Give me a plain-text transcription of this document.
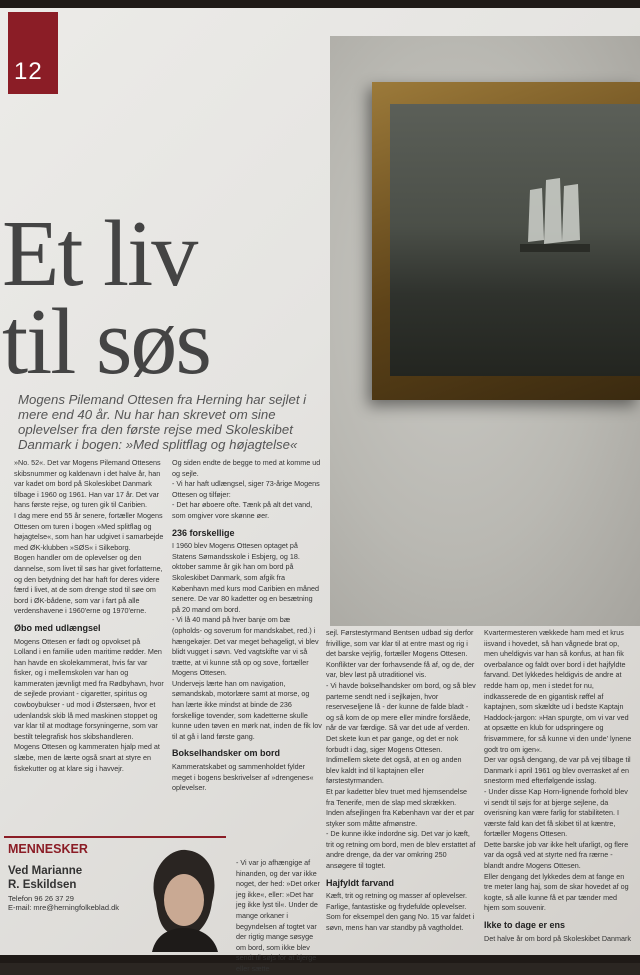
12
Et liv
til søs
Mogens Pilemand Ottesen fra Herning har sejlet i mere end 40 år. Nu har han skrevet om sine oplevelser fra den første rejse med Skoleskibet Danmark i bogen: »Med splitflag og højagtelse«

»No. 52«. Det var Mogens Pilemand Ottesens skibsnummer og kaldenavn i det halve år, han var kadet om bord på Skoleskibet Danmark tilbage i 1960 og 1961. Han var 17 år. Det var hans første rejse, og turen gik til Caribien.

I dag mere end 55 år senere, fortæller Mogens Ottesen om turen i bogen »Med splitflag og højagtelse«, som han har udgivet i samarbejde med ØK-klubben »SØS« i Silkeborg.

Bogen handler om de oplevelser og den dannelse, som livet til søs har givet forfatterne, og den betydning det har haft for deres videre færd i livet, at de som drenge stod til søe om bord i ØK-bådene, som var i fart på alle verdenshavene i 1960'erne og 1970'erne.

Øbo med udlængsel

Mogens Ottesen er født og opvokset på Lolland i en familie uden maritime rødder. Men han havde en skolekammerat, hvis far var fisker, og i mellemskolen var han og kammeraten jævnligt med fra Rødbyhavn, hvor de sejlede proviant - cigaretter, spiritus og cowboybukser - ud mod i Østersøen, hvor et udenlandsk skib lå med maskinen stoppet og var klar til at modtage forsyningerne, som var bestilt telegrafisk hos skibshandleren.

Mogens Ottesen og kammeraten hjalp med at slæbe, men de lærte også snart at styre en fiskekutter og at klare sig i havvejr.

Og siden endte de begge to med at komme ud og sejle.

- Vi har haft udlængsel, siger 73-årige Mogens Ottesen og tilføjer:

- Det har øboere ofte. Tænk på alt det vand, som omgiver vore skønne øer.

236 forskellige

I 1960 blev Mogens Ottesen optaget på Statens Sømandsskole i Esbjerg, og 18. oktober samme år gik han om bord på Skoleskibet Danmark, som afgik fra København med kurs mod Caribien en måned senere. De var 80 kadetter og en besætning på 20 mand om bord.

- Vi lå 40 mand på hver banje om bæ (opholds- og soverum for mandskabet, red.) i hængekøjer. Det var meget behageligt, vi blev blidt vugget i søvn. Ved vagtskifte var vi så trætte, at vi kunne stå op og sove, fortæller Mogens Ottesen.

Undervejs lærte han om navigation, sømandskab, motorlære samt at morse, og han lærte ikke mindst at binde de 236 forskellige tovender, som kadetterne skulle kunne uden tøven en mørk nat, inden de fik lov til at gå i land første gang.

Bokselhandsker om bord

Kammeratskabet og sammenholdet fylder meget i bogens beskrivelser af »drengenes« oplevelser.

- Vi var jo afhængige af hinanden, og der var ikke noget, der hed: »Det orker jeg ikke«, eller: »Det har jeg ikke lyst til«. Under de mange orkaner i begyndelsen af togtet var der rigtig mange søsyge om bord, som ikke blev sendt til søjs for at bjerge eller sætte

sejl. Førstestyrmand Bentsen udbad sig derfor frivillige, som var klar til at entre mast og rig i det barske vejrlig, fortæller Mogens Ottesen.

Konflikter var der forhavsende få af, og de, der var, blev løst på utraditionel vis.

- Vi havde bokselhandsker om bord, og så blev parterne sendt ned i sejlkøjen, hvor reserveseljene lå - der kunne de falde bladt - og så kom de op mere eller mindre forslåede, når de var færdige. Så var det ude af verden. Det skete kun et par gange, og det er nok forbudt i dag, siger Mogens Ottesen.

Indimellem skete det også, at en og anden blev kaldt ind til kaptajnen eller førstestyrmanden.

Et par kadetter blev truet med hjemsendelse fra Tenerife, men de slap med skrækken. Inden afsejlingen fra København var der et par styker som måtte afmønstre.

- De kunne ikke indordne sig. Det var jo kæft, trit og retning om bord, men de blev erstattet af andre drenge, da der var omkring 250 ansøgere til togtet.

Hajfyldt farvand

Kæft, trit og retning og masser af oplevelser. Farlige, fantastiske og frydefulde oplevelser. Som for eksempel den gang No. 15 var faldet i søvn, mens han var standby på vagtholdet.

Kvartermesteren vækkede ham med et krus iisvand i hovedet, så han vågnede brat op, men uheldigvis var han så konfus, at han fik overbalance og faldt over bord i det hajfyldte farvand. Det lykkedes heldigvis de andre at redde ham op, men i stedet for nu, indkasserede de en gigantisk røffel af kaptajnen, som skældte ud i bedste Kaptajn Haddock-jargon: »Han spurgte, om vi var ved at opsætte en klub for udspringere og frisvømmere, for så kunne vi den unde' lynene godt tro om igen«.

Der var også dengang, de var på vej tilbage til Danmark i april 1961 og blev overrasket af en snestorm med efterfølgende isslag.

- Under disse Kap Horn-lignende forhold blev vi sendt til søjs for at bjerge sejlene, da overisning kan være farlig for stabiliteten. I værste fald kan det få skibet til at kæntre, fortæller Mogens Ottesen.

Dette barske job var ikke helt ufarligt, og flere var da også ved at styrte ned fra rærne - blandt andre Mogens Ottesen.

Eller dengang det lykkedes dem at fange en tre meter lang haj, som de skar hovedet af og kogte, så alle kunne få et par tænder med hjem som souvenir.

Ikke to dage er ens

Det halve år om bord på Skoleskibet Danmark

MENNESKER
Ved Marianne
R. Eskildsen
Telefon 96 26 37 29
E-mail: mre@herningfolkeblad.dk
